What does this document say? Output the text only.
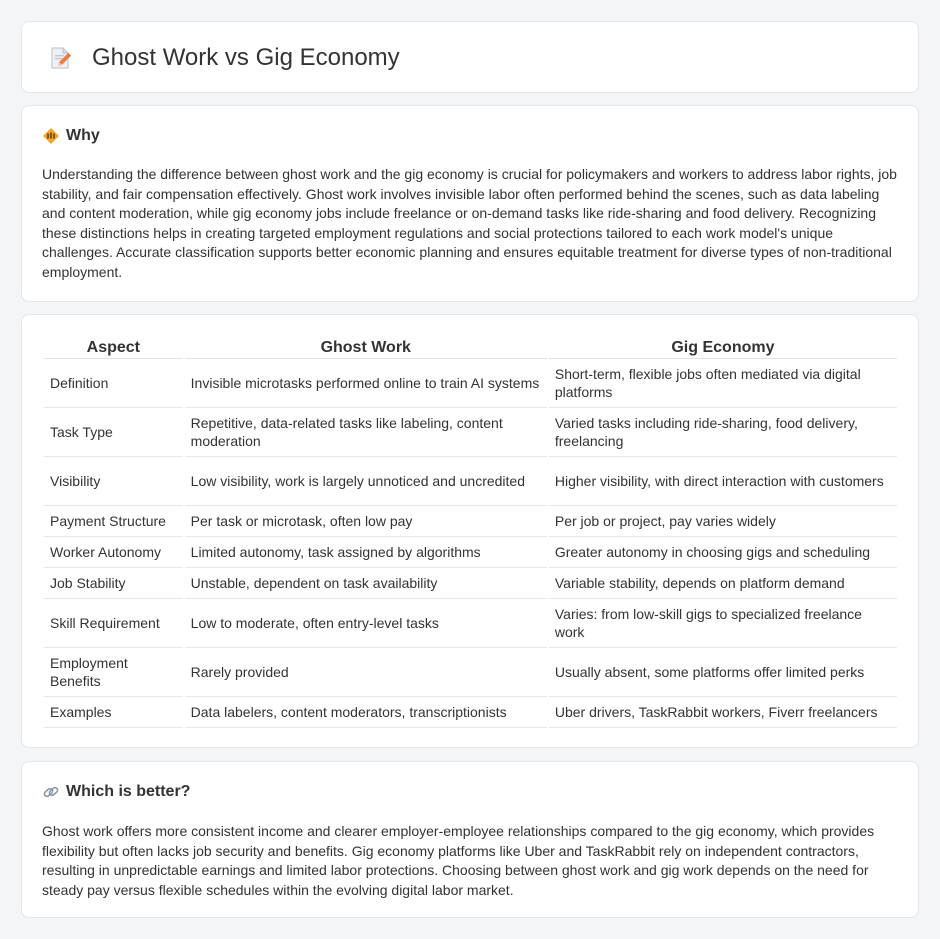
Ghost Work vs Gig Economy
Why

Understanding the difference between ghost work and the gig economy is crucial for policymakers and workers to address labor rights, job stability, and fair compensation effectively. Ghost work involves invisible labor often performed behind the scenes, such as data labeling and content moderation, while gig economy jobs include freelance or on-demand tasks like ride-sharing and food delivery. Recognizing these distinctions helps in creating targeted employment regulations and social protections tailored to each work model's unique challenges. Accurate classification supports better economic planning and ensures equitable treatment for diverse types of non-traditional employment.

Aspect	Ghost Work	Gig Economy
Definition	Invisible microtasks performed online to train AI systems	Short-term, flexible jobs often mediated via digital platforms
Task Type	Repetitive, data-related tasks like labeling, content moderation	Varied tasks including ride-sharing, food delivery, freelancing
Visibility	Low visibility, work is largely unnoticed and uncredited	Higher visibility, with direct interaction with customers
Payment Structure	Per task or microtask, often low pay	Per job or project, pay varies widely
Worker Autonomy	Limited autonomy, task assigned by algorithms	Greater autonomy in choosing gigs and scheduling
Job Stability	Unstable, dependent on task availability	Variable stability, depends on platform demand
Skill Requirement	Low to moderate, often entry-level tasks	Varies: from low-skill gigs to specialized freelance work
Employment Benefits	Rarely provided	Usually absent, some platforms offer limited perks
Examples	Data labelers, content moderators, transcriptionists	Uber drivers, TaskRabbit workers, Fiverr freelancers
Which is better?

Ghost work offers more consistent income and clearer employer-employee relationships compared to the gig economy, which provides flexibility but often lacks job security and benefits. Gig economy platforms like Uber and TaskRabbit rely on independent contractors, resulting in unpredictable earnings and limited labor protections. Choosing between ghost work and gig work depends on the need for steady pay versus flexible schedules within the evolving digital labor market.
